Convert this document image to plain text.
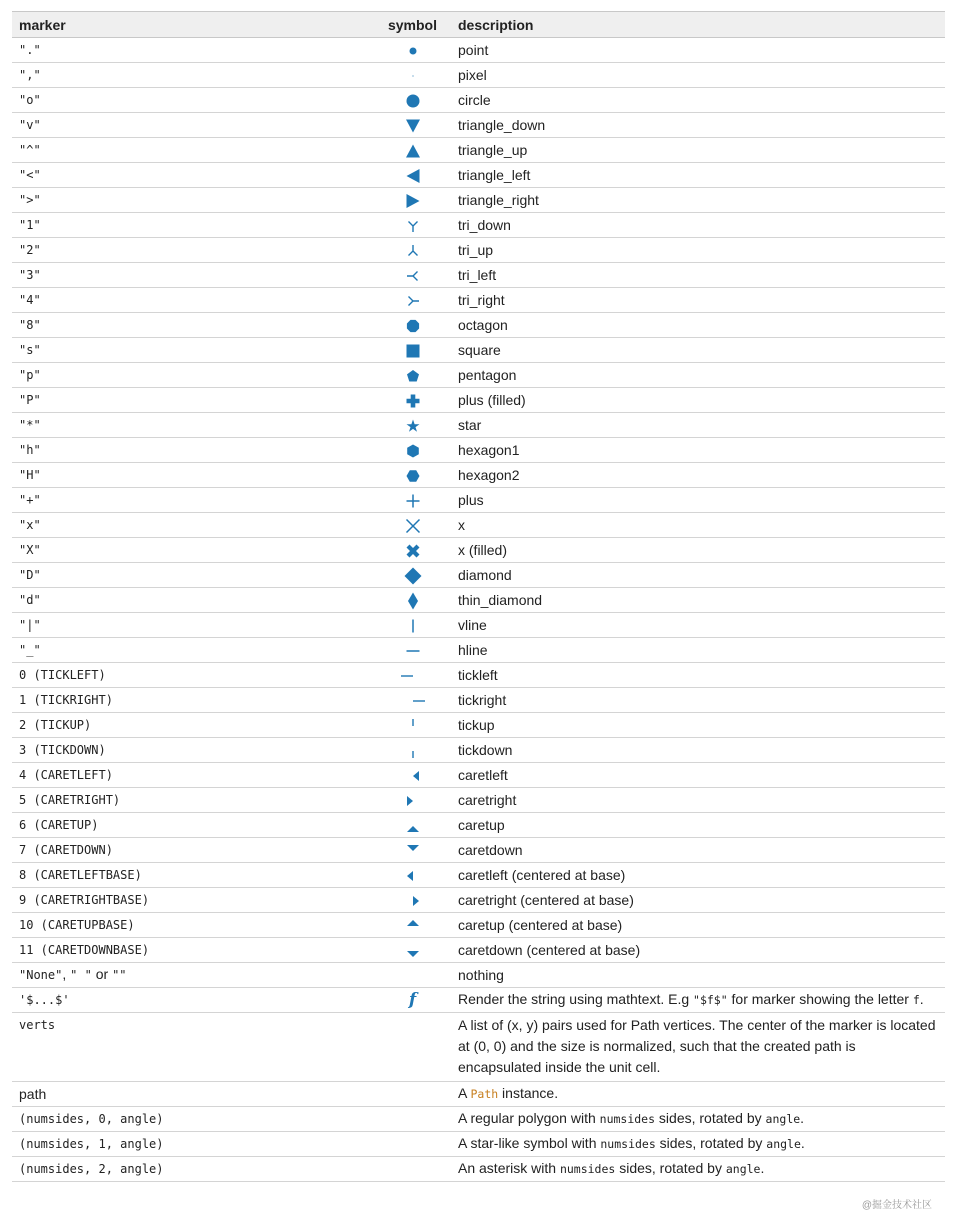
marker	symbol	description
"."		point
","		pixel
"o"		circle
"v"		triangle_down
"^"		triangle_up
"<"		triangle_left
">"		triangle_right
"1"		tri_down
"2"		tri_up
"3"		tri_left
"4"		tri_right
"8"		octagon
"s"		square
"p"		pentagon
"P"		plus (filled)
"*"		star
"h"		hexagon1
"H"		hexagon2
"+"		plus
"x"		x
"X"		x (filled)
"D"		diamond
"d"		thin_diamond
"|"		vline
"_"		hline
0 (TICKLEFT)		tickleft
1 (TICKRIGHT)		tickright
2 (TICKUP)		tickup
3 (TICKDOWN)		tickdown
4 (CARETLEFT)		caretleft
5 (CARETRIGHT)		caretright
6 (CARETUP)		caretup
7 (CARETDOWN)		caretdown
8 (CARETLEFTBASE)		caretleft (centered at base)
9 (CARETRIGHTBASE)		caretright (centered at base)
10 (CARETUPBASE)		caretup (centered at base)
11 (CARETDOWNBASE)		caretdown (centered at base)
"None", " " or ""		nothing
'$...$'	f	Render the string using mathtext. E.g "$f$" for marker showing the letter f.
verts		A list of (x, y) pairs used for Path vertices. The center of the marker is located at (0, 0) and the size is normalized, such that the created path is encapsulated inside the unit cell.
path		A Path instance.
(numsides, 0, angle)		A regular polygon with numsides sides, rotated by angle.
(numsides, 1, angle)		A star-like symbol with numsides sides, rotated by angle.
(numsides, 2, angle)		An asterisk with numsides sides, rotated by angle.
@掘金技术社区
